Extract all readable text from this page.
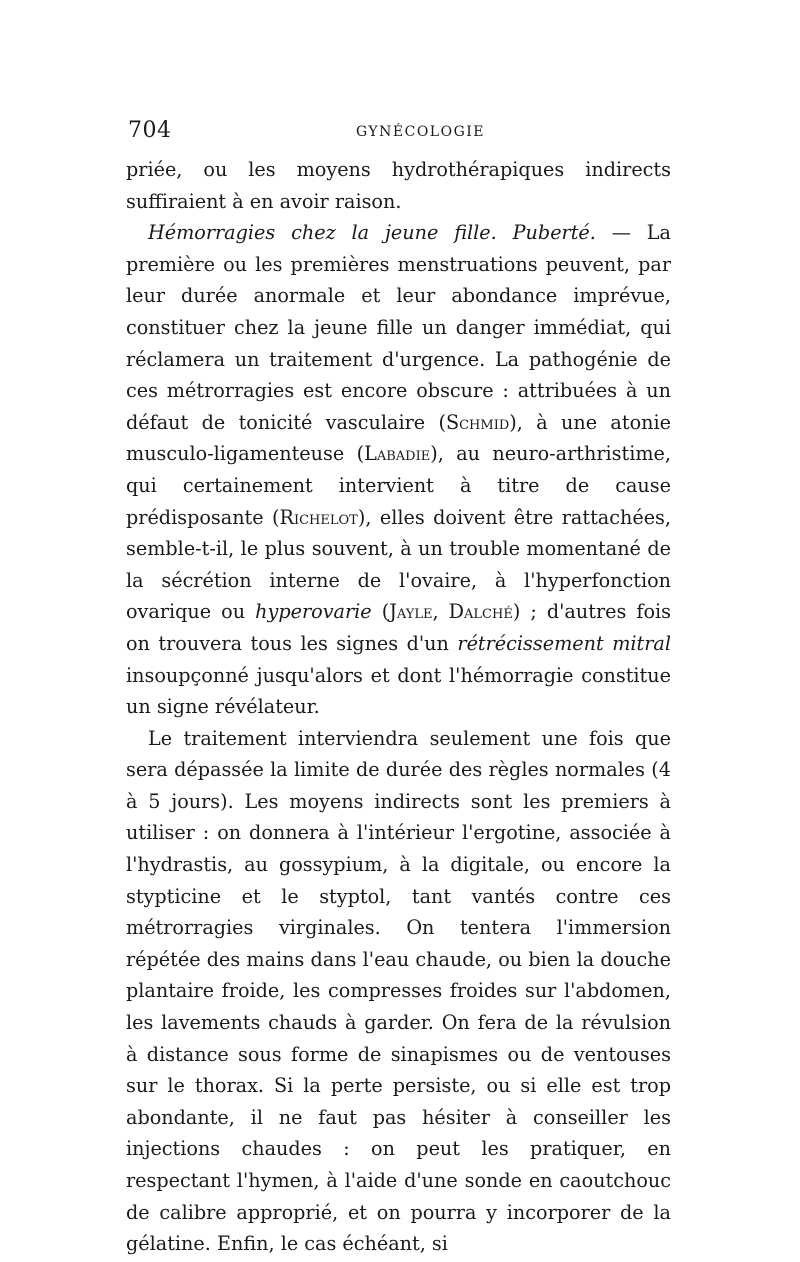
704	GYNÉCOLOGIE

priée, ou les moyens hydrothérapiques indirects suffiraient à en avoir raison.

Hémorragies chez la jeune fille. Puberté. — La première ou les premières menstruations peuvent, par leur durée anormale et leur abondance imprévue, constituer chez la jeune fille un danger immédiat, qui réclamera un traitement d'urgence. La pathogénie de ces métrorragies est encore obscure : attribuées à un défaut de tonicité vasculaire (Schmid), à une atonie musculo-ligamenteuse (Labadie), au neuro-arthristime, qui certainement intervient à titre de cause prédisposante (Richelot), elles doivent être rattachées, semble-t-il, le plus souvent, à un trouble momentané de la sécrétion interne de l'ovaire, à l'hyperfonction ovarique ou hyperovarie (Jayle, Dalché) ; d'autres fois on trouvera tous les signes d'un rétrécissement mitral insoupçonné jusqu'alors et dont l'hémorragie constitue un signe révélateur.

Le traitement interviendra seulement une fois que sera dépassée la limite de durée des règles normales (4 à 5 jours). Les moyens indirects sont les premiers à utiliser : on donnera à l'intérieur l'ergotine, associée à l'hydrastis, au gossypium, à la digitale, ou encore la stypticine et le styptol, tant vantés contre ces métrorragies virginales. On tentera l'immersion répétée des mains dans l'eau chaude, ou bien la douche plantaire froide, les compresses froides sur l'abdomen, les lavements chauds à garder. On fera de la révulsion à distance sous forme de sinapismes ou de ventouses sur le thorax. Si la perte persiste, ou si elle est trop abondante, il ne faut pas hésiter à conseiller les injections chaudes : on peut les pratiquer, en respectant l'hymen, à l'aide d'une sonde en caoutchouc de calibre approprié, et on pourra y incorporer de la gélatine. Enfin, le cas échéant, si
